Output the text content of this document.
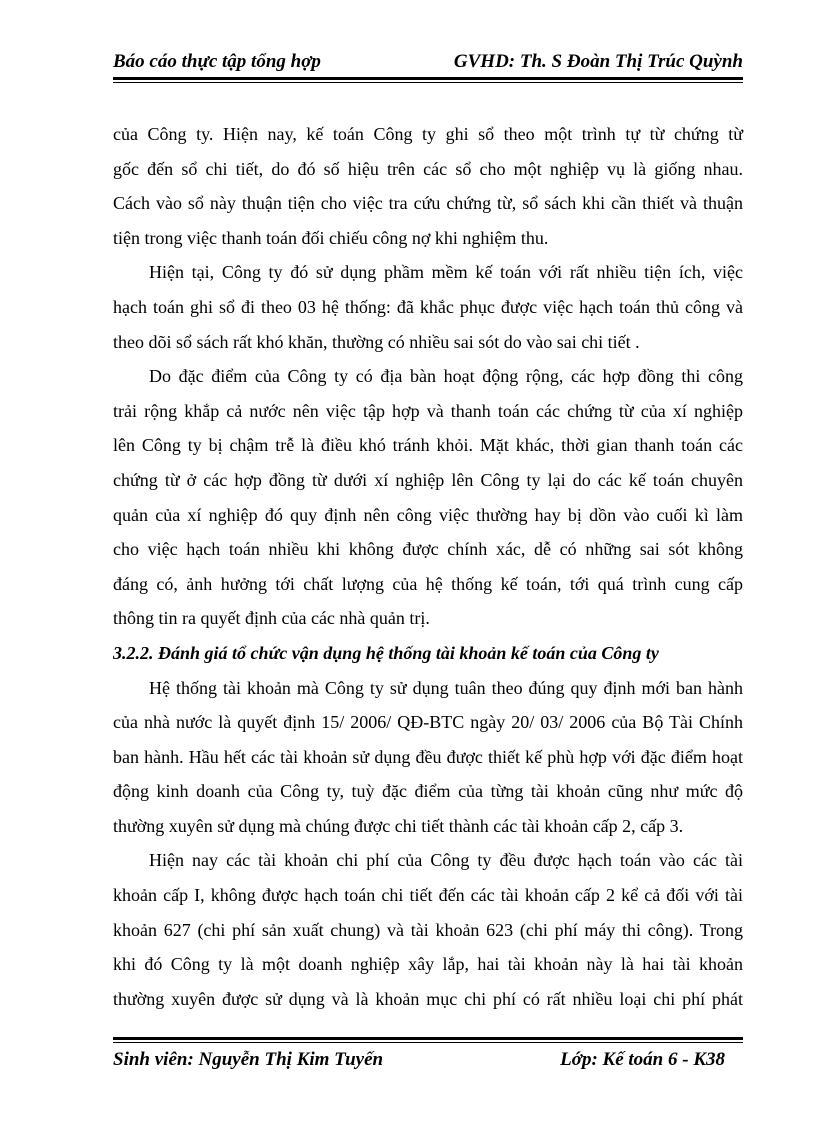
Báo cáo thực tập tổng hợp	GVHD: Th. S Đoàn Thị Trúc Quỳnh
của Công ty. Hiện nay, kế toán Công ty ghi sổ theo một trình tự từ chứng từ
gốc đến sổ chi tiết, do đó số hiệu trên các sổ cho một nghiệp vụ là giống nhau.
Cách vào sổ này thuận tiện cho việc tra cứu chứng từ, sổ sách khi cần thiết và thuận
tiện trong việc thanh toán đối chiếu công nợ khi nghiệm thu.
Hiện tại, Công ty đó sử dụng phầm mềm kế toán với rất nhiều tiện ích, việc
hạch toán ghi sổ đi theo 03 hệ thống: đã khắc phục được việc hạch toán thủ công và
theo dõi sổ sách rất khó khăn, thường có nhiều sai sót do vào sai chi tiết .
Do đặc điểm của Công ty có địa bàn hoạt động rộng, các hợp đồng thi công
trải rộng khắp cả nước nên việc tập hợp và thanh toán các chứng từ của xí nghiệp
lên Công ty bị chậm trễ là điều khó tránh khỏi. Mặt khác, thời gian thanh toán các
chứng từ ở các hợp đồng từ dưới xí nghiệp lên Công ty lại do các kế toán chuyên
quản của xí nghiệp đó quy định nên công việc thường hay bị dồn vào cuối kì làm
cho việc hạch toán nhiều khi không được chính xác, dễ có những sai sót không
đáng có, ảnh hưởng tới chất lượng của hệ thống kế toán, tới quá trình cung cấp
thông tin ra quyết định của các nhà quản trị.
3.2.2. Đánh giá tổ chức vận dụng hệ thống tài khoản kế toán của Công ty
Hệ thống tài khoản mà Công ty sử dụng tuân theo đúng quy định mới ban hành
của nhà nước là quyết định 15/ 2006/ QĐ-BTC ngày 20/ 03/ 2006 của Bộ Tài Chính
ban hành. Hầu hết các tài khoản sử dụng đều được thiết kế phù hợp với đặc điểm hoạt
động kinh doanh của Công ty, tuỳ đặc điểm của từng tài khoản cũng như mức độ
thường xuyên sử dụng mà chúng được chi tiết thành các tài khoản cấp 2, cấp 3.
Hiện nay các tài khoản chi phí của Công ty đều được hạch toán vào các tài
khoản cấp I, không được hạch toán chi tiết đến các tài khoản cấp 2 kể cả đối với tài
khoản 627 (chi phí sản xuất chung) và tài khoản 623 (chi phí máy thi công). Trong
khi đó Công ty là một doanh nghiệp xây lắp, hai tài khoản này là hai tài khoản
thường xuyên được sử dụng và là khoản mục chi phí có rất nhiều loại chi phí phát
Sinh viên: Nguyễn Thị Kim Tuyến	Lớp: Kế toán 6 - K38
